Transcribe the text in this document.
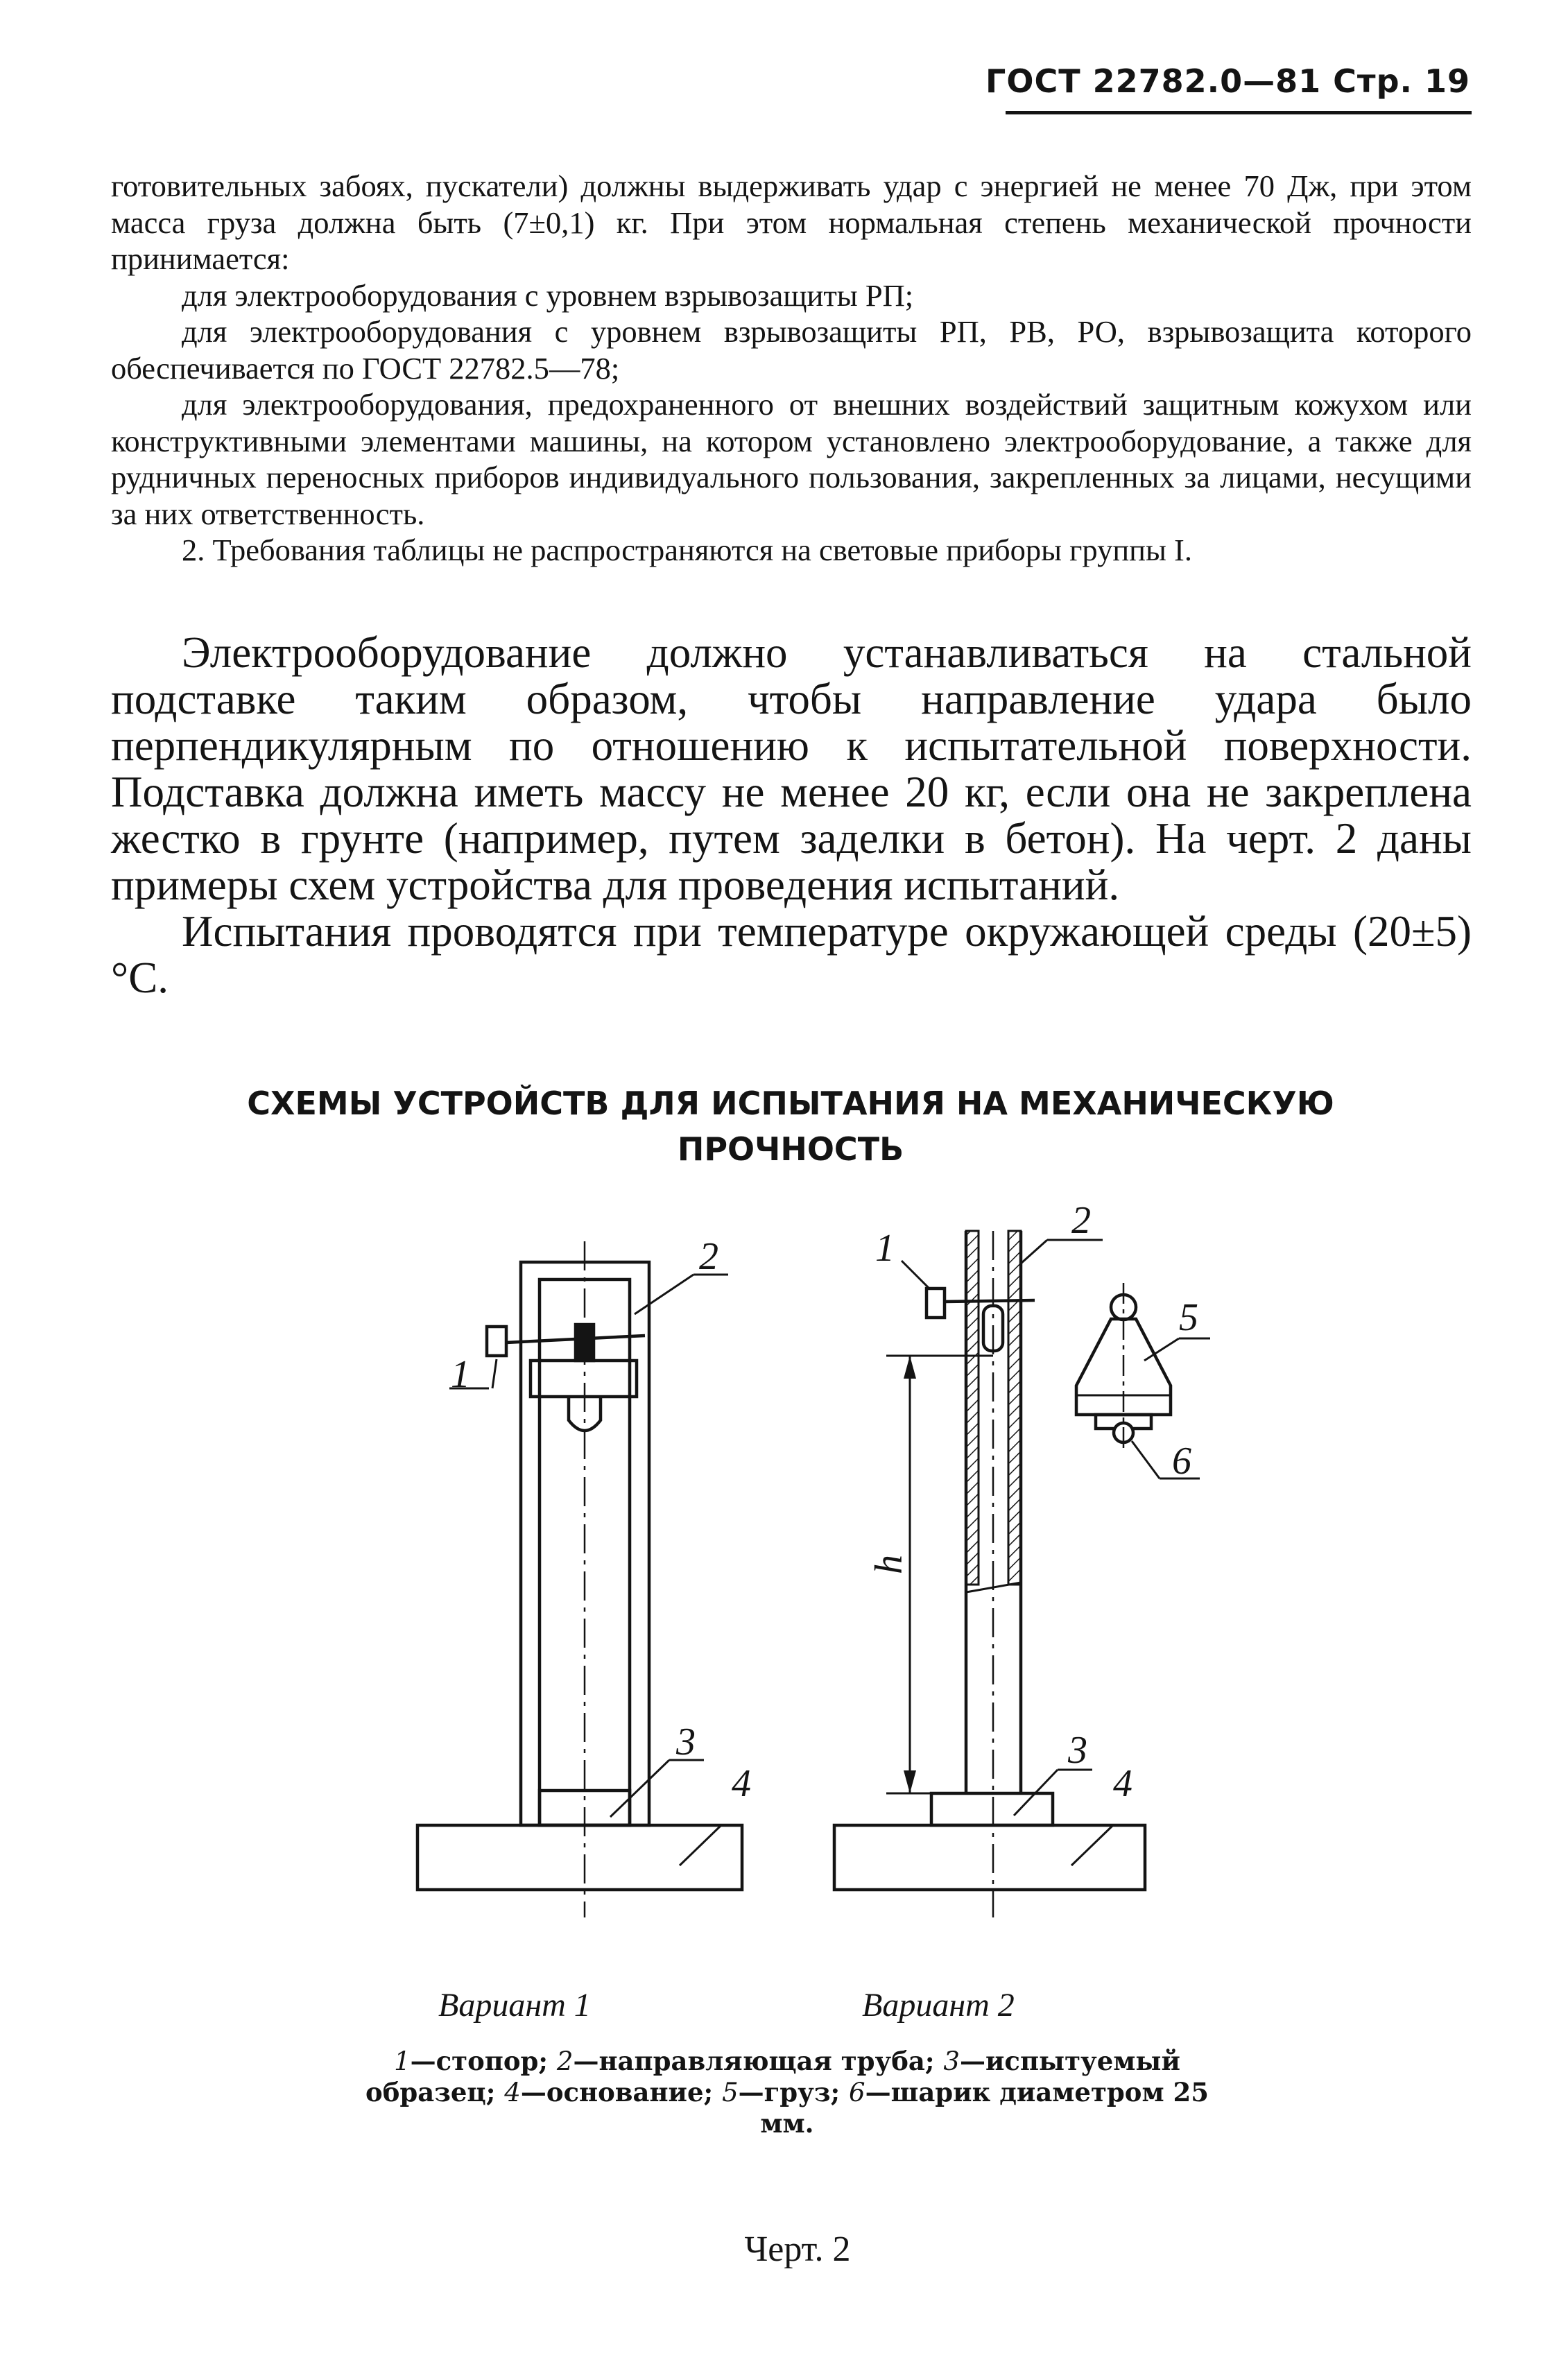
ГОСТ 22782.0—81 Стр. 19

готовительных забоях, пускатели) должны выдерживать удар с энергией не менее 70 Дж, при этом масса груза должна быть (7±0,1) кг. При этом нормальная степень механической прочности принимается:

для электрооборудования с уровнем взрывозащиты РП;

для электрооборудования с уровнем взрывозащиты РП, РВ, РО, взрывозащита которого обеспечивается по ГОСТ 22782.5—78;

для электрооборудования, предохраненного от внешних воздействий защитным кожухом или конструктивными элементами машины, на котором установлено электрооборудование, а также для рудничных переносных приборов индивидуального пользования, закрепленных за лицами, несущими за них ответственность.

2. Требования таблицы не распространяются на световые приборы группы I.

Электрооборудование должно устанавливаться на стальной подставке таким образом, чтобы направление удара было перпендикулярным по отношению к испытательной поверхности. Подставка должна иметь массу не менее 20 кг, если она не закреплена жестко в грунте (например, путем заделки в бетон). На черт. 2 даны примеры схем устройства для проведения испытаний.

Испытания проводятся при температуре окружающей среды (20±5)°С.

СХЕМЫ УСТРОЙСТВ ДЛЯ ИСПЫТАНИЯ НА МЕХАНИЧЕСКУЮ
ПРОЧНОСТЬ
1
2
3
4
1
2
3
4
5
6
h
Вариант 1	Вариант 2
1—стопор; 2—направляющая труба; 3—испытуемый образец; 4—основание; 5—груз; 6—шарик диаметром 25 мм.
Черт. 2
